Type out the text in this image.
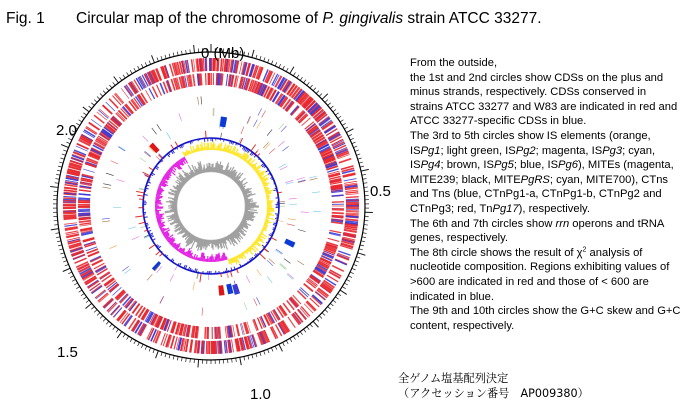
Fig. 1 Circular map of the chromosome of P. gingivalis strain ATCC 33277.
0 (Mb)
0.5
1.0
1.5
2.0

From the outside,

the 1st and 2nd circles show CDSs on the plus and minus strands, respectively. CDSs conserved in strains ATCC 33277 and W83 are indicated in red and ATCC 33277-specific CDSs in blue.

The 3rd to 5th circles show IS elements (orange, ISPg1; light green, ISPg2; magenta, ISPg3; cyan, ISPg4; brown, ISPg5; blue, ISPg6), MITEs (magenta, MITE239; black, MITEPgRS; cyan, MITE700), CTns and Tns (blue, CTnPg1-a, CTnPg1-b, CTnPg2 and CTnPg3; red, TnPg17), respectively.

The 6th and 7th circles show rrn operons and tRNA genes, respectively.

The 8th circle shows the result of $\chi^2$ analysis of nucleotide composition. Regions exhibiting values of >600 are indicated in red and those of < 600 are indicated in blue.

The 9th and 10th circles show the G+C skew and G+C content, respectively.

全ゲノム塩基配列決定
（アクセッション番号　AP009380）
